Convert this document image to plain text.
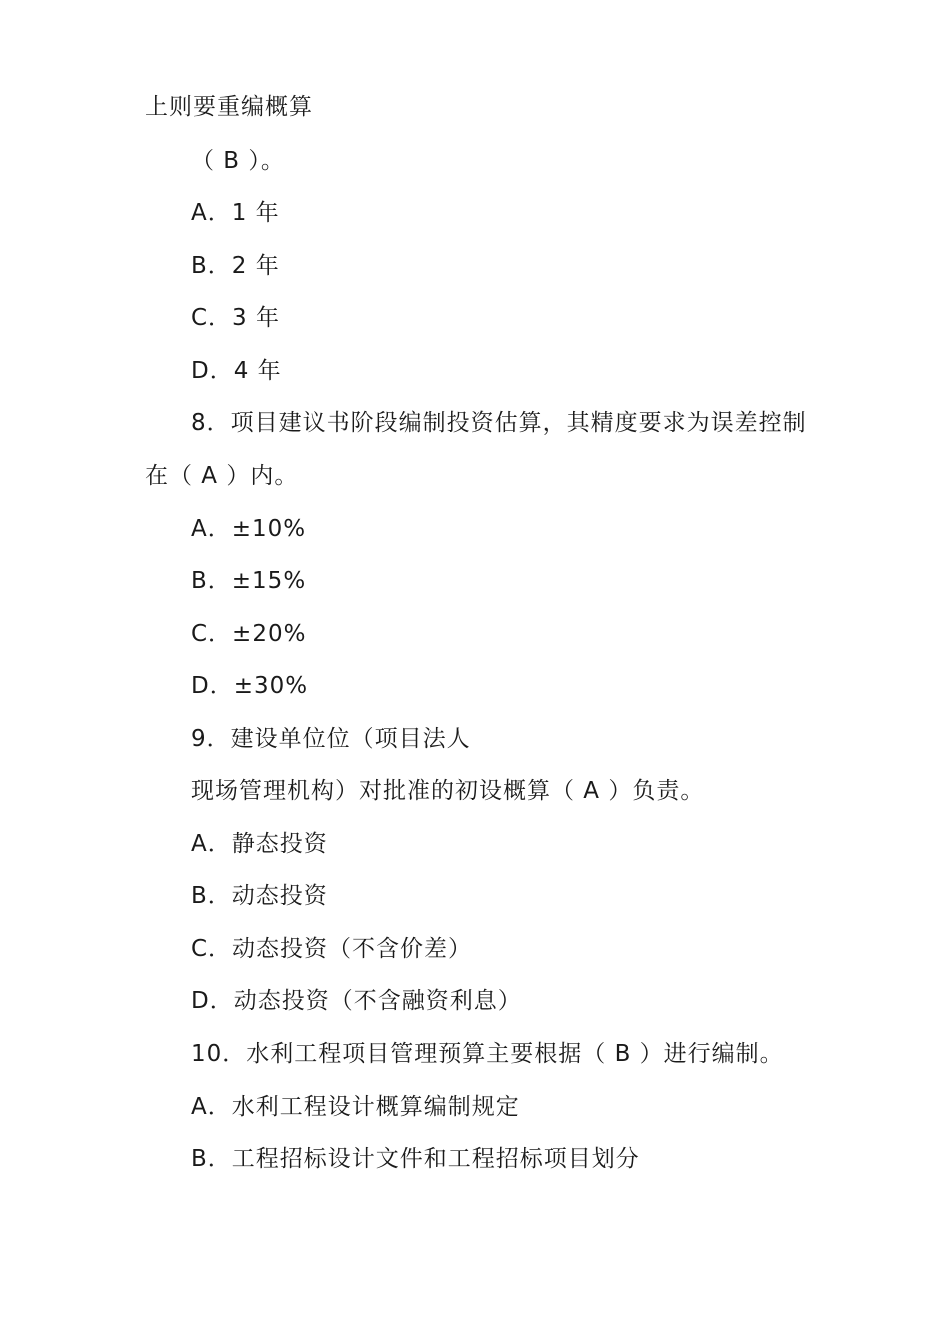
上则要重编概算
（ B ）。
A．1 年
B．2 年
C．3 年
D．4 年
8．项目建议书阶段编制投资估算，其精度要求为误差控制
在（ A ）内。
A．±10%
B．±15%
C．±20%
D．±30%
9．建设单位位（项目法人
现场管理机构）对批准的初设概算（ A ）负责。
A．静态投资
B．动态投资
C．动态投资（不含价差）
D．动态投资（不含融资利息）
10．水利工程项目管理预算主要根据（ B ）进行编制。
A．水利工程设计概算编制规定
B．工程招标设计文件和工程招标项目划分
